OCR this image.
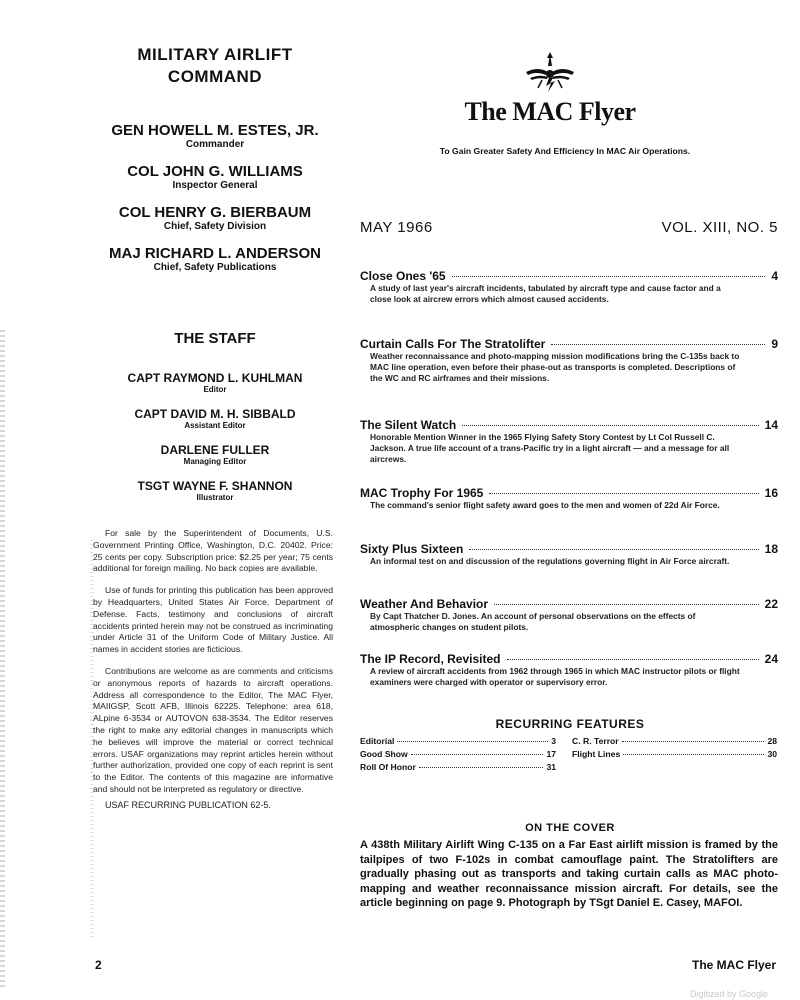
MILITARY AIRLIFT
COMMAND
GEN HOWELL M. ESTES, JR.
Commander
COL JOHN G. WILLIAMS
Inspector General
COL HENRY G. BIERBAUM
Chief, Safety Division
MAJ RICHARD L. ANDERSON
Chief, Safety Publications
THE STAFF
CAPT RAYMOND L. KUHLMAN
Editor
CAPT DAVID M. H. SIBBALD
Assistant Editor
DARLENE FULLER
Managing Editor
TSGT WAYNE F. SHANNON
Illustrator

For sale by the Superintendent of Documents, U.S. Government Printing Office, Washington, D.C. 20402. Price: 25 cents per copy. Subscription price: $2.25 per year; 75 cents additional for foreign mailing. No back copies are available.

Use of funds for printing this publication has been approved by Headquarters, United States Air Force, Department of Defense. Facts, testimony and conclusions of aircraft accidents printed herein may not be construed as incriminating under Article 31 of the Uniform Code of Military Justice. All names in accident stories are ficticious.

Contributions are welcome as are comments and criticisms or anonymous reports of hazards to aircraft operations. Address all correspondence to the Editor, The MAC Flyer, MAIIGSP, Scott AFB, Illinois 62225. Telephone: area 618, ALpine 6-3534 or AUTOVON 638-3534. The Editor reserves the right to make any editorial changes in manuscripts which he believes will improve the material or correct technical errors. USAF organizations may reprint articles herein without further authorization, provided one copy of each reprint is sent to the Editor. The contents of this magazine are informative and should not be interpreted as regulatory or directive.

USAF RECURRING PUBLICATION 62-5.
The MAC Flyer
To Gain Greater Safety And Efficiency In MAC Air Operations.
MAY 1966	VOL. XIII, NO. 5
Close Ones '65	4
A study of last year's aircraft incidents, tabulated by aircraft type and cause factor and a close look at aircrew errors which almost caused accidents.
Curtain Calls For The Stratolifter	9
Weather reconnaissance and photo-mapping mission modifications bring the C-135s back to MAC line operation, even before their phase-out as transports is completed. Descriptions of the WC and RC airframes and their missions.
The Silent Watch	14
Honorable Mention Winner in the 1965 Flying Safety Story Contest by Lt Col Russell C. Jackson. A true life account of a trans-Pacific try in a light aircraft — and a message for all aircrews.
MAC Trophy For 1965	16
The command's senior flight safety award goes to the men and women of 22d Air Force.
Sixty Plus Sixteen	18
An informal test on and discussion of the regulations governing flight in Air Force aircraft.
Weather And Behavior	22
By Capt Thatcher D. Jones. An account of personal observations on the effects of atmospheric changes on student pilots.
The IP Record, Revisited	24
A review of aircraft accidents from 1962 through 1965 in which MAC instructor pilots or flight examiners were charged with operator or supervisory error.
RECURRING FEATURES
Editorial	3
Good Show	17
Roll Of Honor	31
C. R. Terror	28
Flight Lines	30
ON THE COVER
A 438th Military Airlift Wing C-135 on a Far East airlift mission is framed by the tailpipes of two F-102s in combat camouflage paint. The Stratolifters are gradually phasing out as transports and taking curtain calls as MAC photo-mapping and weather reconnaissance mission aircraft. For details, see the article beginning on page 9. Photograph by TSgt Daniel E. Casey, MAFOI.
2	The MAC Flyer
Digitized by Google
